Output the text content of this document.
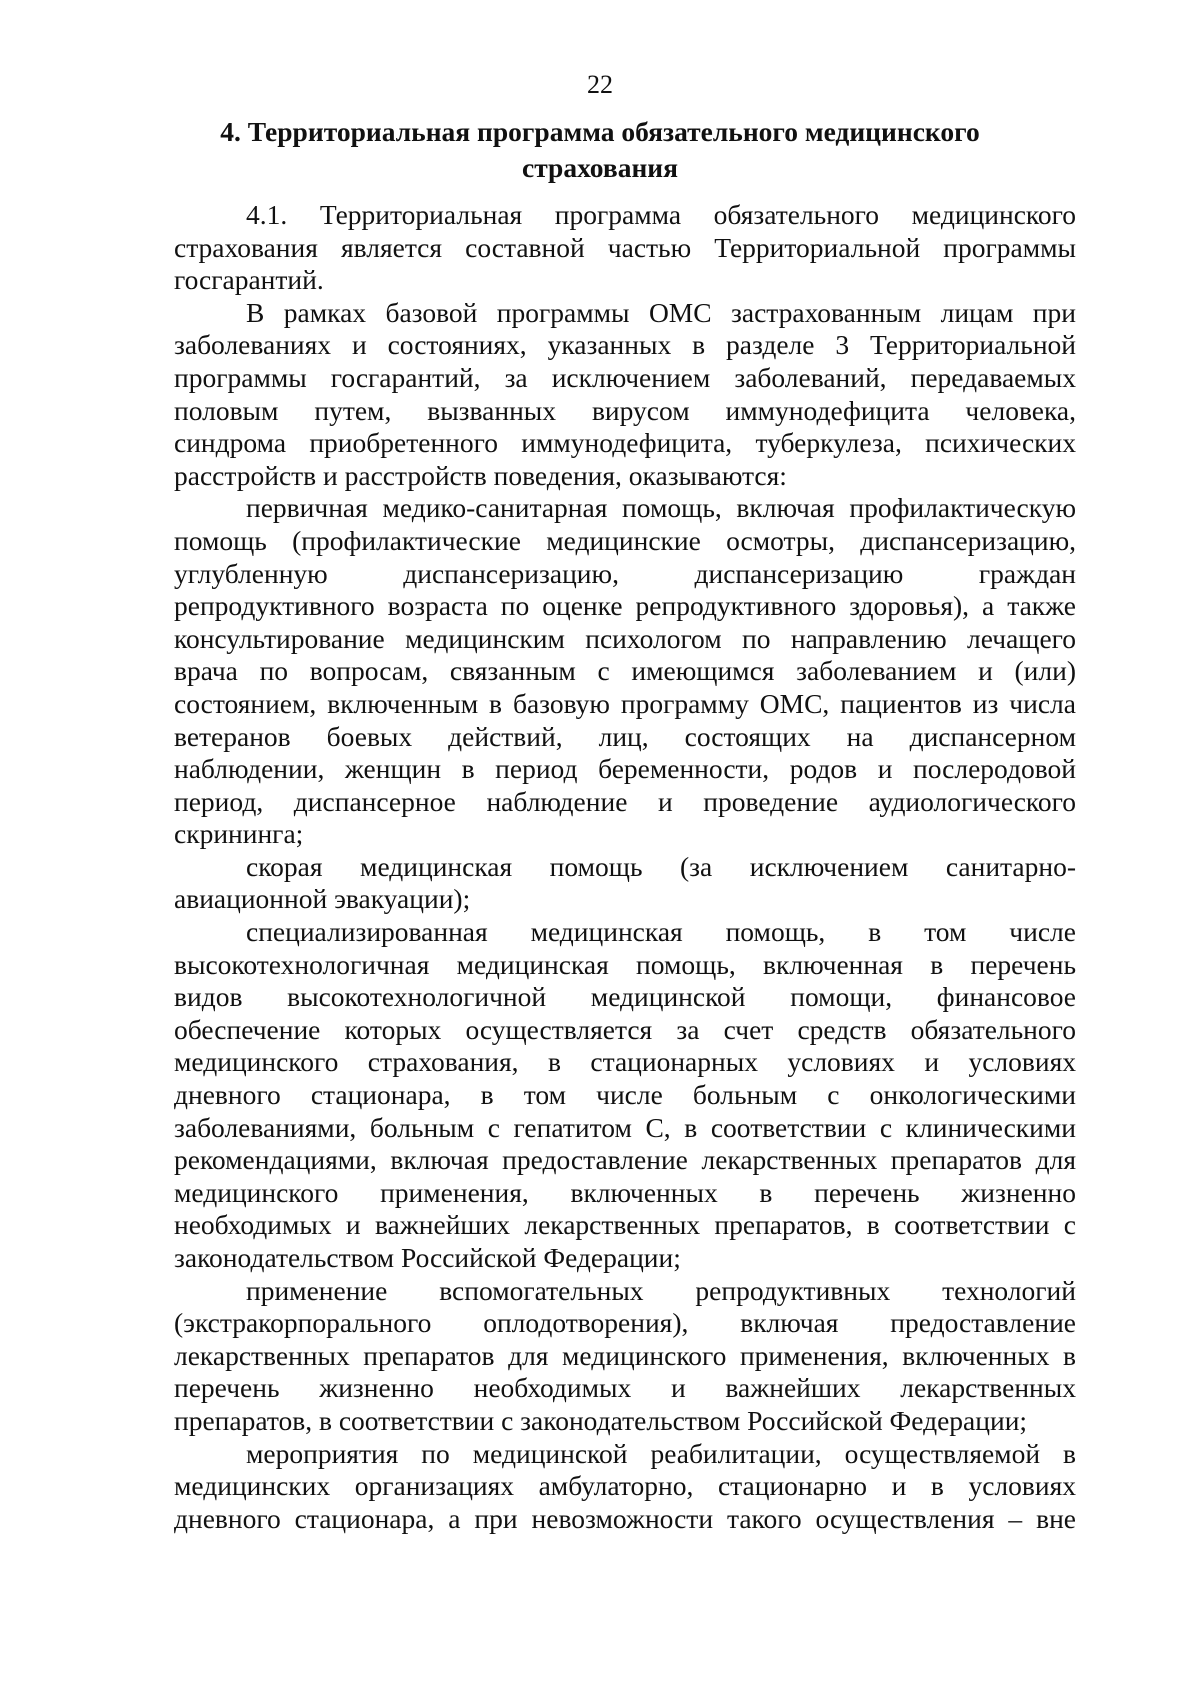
22
4. Территориальная программа обязательного медицинского
страхования
4.1. Территориальная программа обязательного медицинского
страхования является составной частью Территориальной программы
госгарантий.
В рамках базовой программы ОМС застрахованным лицам при
заболеваниях и состояниях, указанных в разделе 3 Территориальной
программы госгарантий, за исключением заболеваний, передаваемых
половым путем, вызванных вирусом иммунодефицита человека,
синдрома приобретенного иммунодефицита, туберкулеза, психических
расстройств и расстройств поведения, оказываются:
первичная медико-санитарная помощь, включая профилактическую
помощь (профилактические медицинские осмотры, диспансеризацию,
углубленную диспансеризацию, диспансеризацию граждан
репродуктивного возраста по оценке репродуктивного здоровья), а также
консультирование медицинским психологом по направлению лечащего
врача по вопросам, связанным с имеющимся заболеванием и (или)
состоянием, включенным в базовую программу ОМС, пациентов из числа
ветеранов боевых действий, лиц, состоящих на диспансерном
наблюдении, женщин в период беременности, родов и послеродовой
период, диспансерное наблюдение и проведение аудиологического
скрининга;
скорая медицинская помощь (за исключением санитарно-
авиационной эвакуации);
специализированная медицинская помощь, в том числе
высокотехнологичная медицинская помощь, включенная в перечень
видов высокотехнологичной медицинской помощи, финансовое
обеспечение которых осуществляется за счет средств обязательного
медицинского страхования, в стационарных условиях и условиях
дневного стационара, в том числе больным с онкологическими
заболеваниями, больным с гепатитом С, в соответствии с клиническими
рекомендациями, включая предоставление лекарственных препаратов для
медицинского применения, включенных в перечень жизненно
необходимых и важнейших лекарственных препаратов, в соответствии с
законодательством Российской Федерации;
применение вспомогательных репродуктивных технологий
(экстракорпорального оплодотворения), включая предоставление
лекарственных препаратов для медицинского применения, включенных в
перечень жизненно необходимых и важнейших лекарственных
препаратов, в соответствии с законодательством Российской Федерации;
мероприятия по медицинской реабилитации, осуществляемой в
медицинских организациях амбулаторно, стационарно и в условиях
дневного стационара, а при невозможности такого осуществления – вне
